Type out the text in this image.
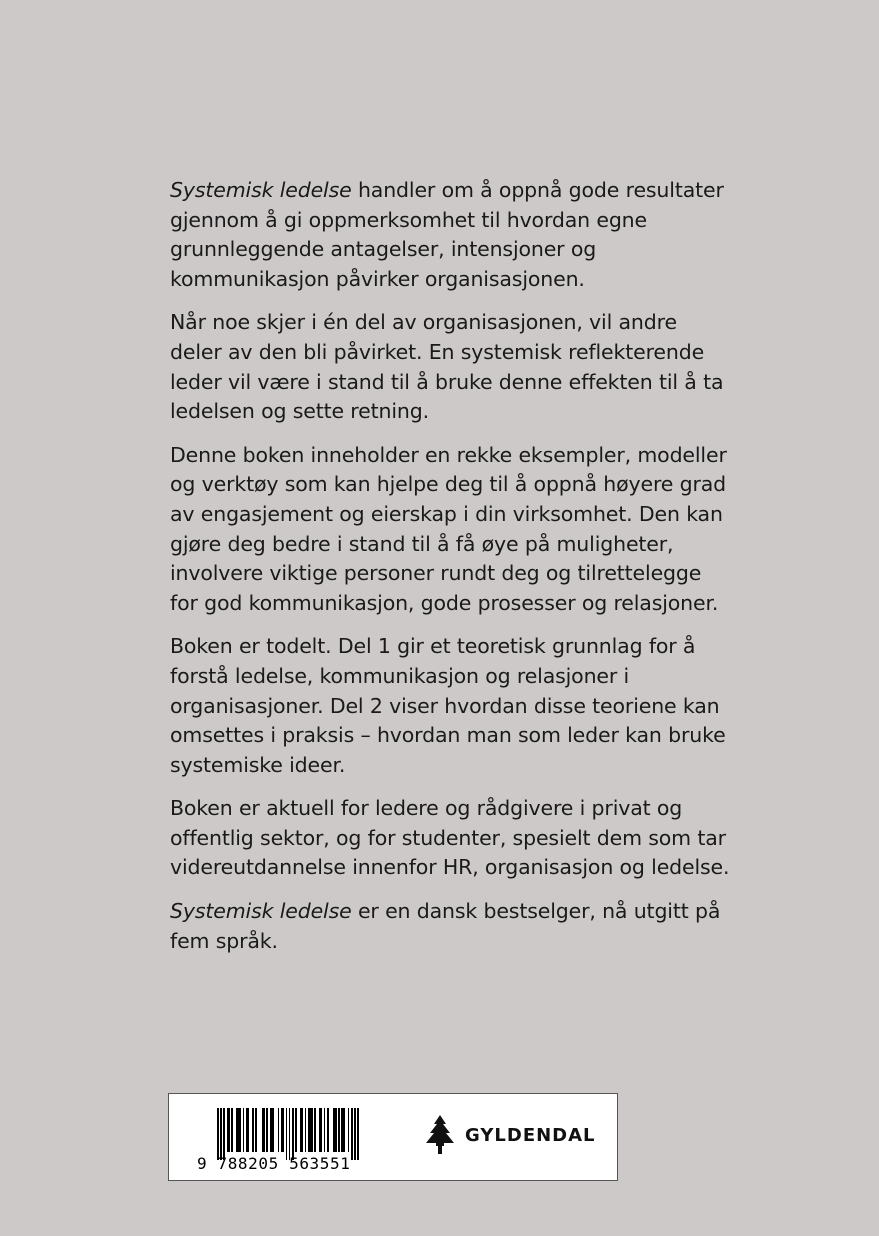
Systemisk ledelse handler om å oppnå gode resultater gjennom å gi oppmerksomhet til hvordan egne grunnleggende antagelser, intensjoner og kommunikasjon påvirker organisasjonen.

Når noe skjer i én del av organisasjonen, vil andre deler av den bli påvirket. En systemisk reflekterende leder vil være i stand til å bruke denne effekten til å ta ledelsen og sette retning.

Denne boken inneholder en rekke eksempler, modeller og verktøy som kan hjelpe deg til å oppnå høyere grad av engasjement og eierskap i din virksomhet. Den kan gjøre deg bedre i stand til å få øye på muligheter, involvere viktige personer rundt deg og tilrettelegge for god kommunikasjon, gode prosesser og relasjoner.

Boken er todelt. Del 1 gir et teoretisk grunnlag for å forstå ledelse, kommunikasjon og relasjoner i organisasjoner. Del 2 viser hvordan disse teoriene kan omsettes i praksis – hvordan man som leder kan bruke systemiske ideer.

Boken er aktuell for ledere og rådgivere i privat og offentlig sektor, og for studenter, spesielt dem som tar videreutdannelse innenfor HR, organisasjon og ledelse.

Systemisk ledelse er en dansk bestselger, nå utgitt på fem språk.

9 788205 563551
GYLDENDAL
